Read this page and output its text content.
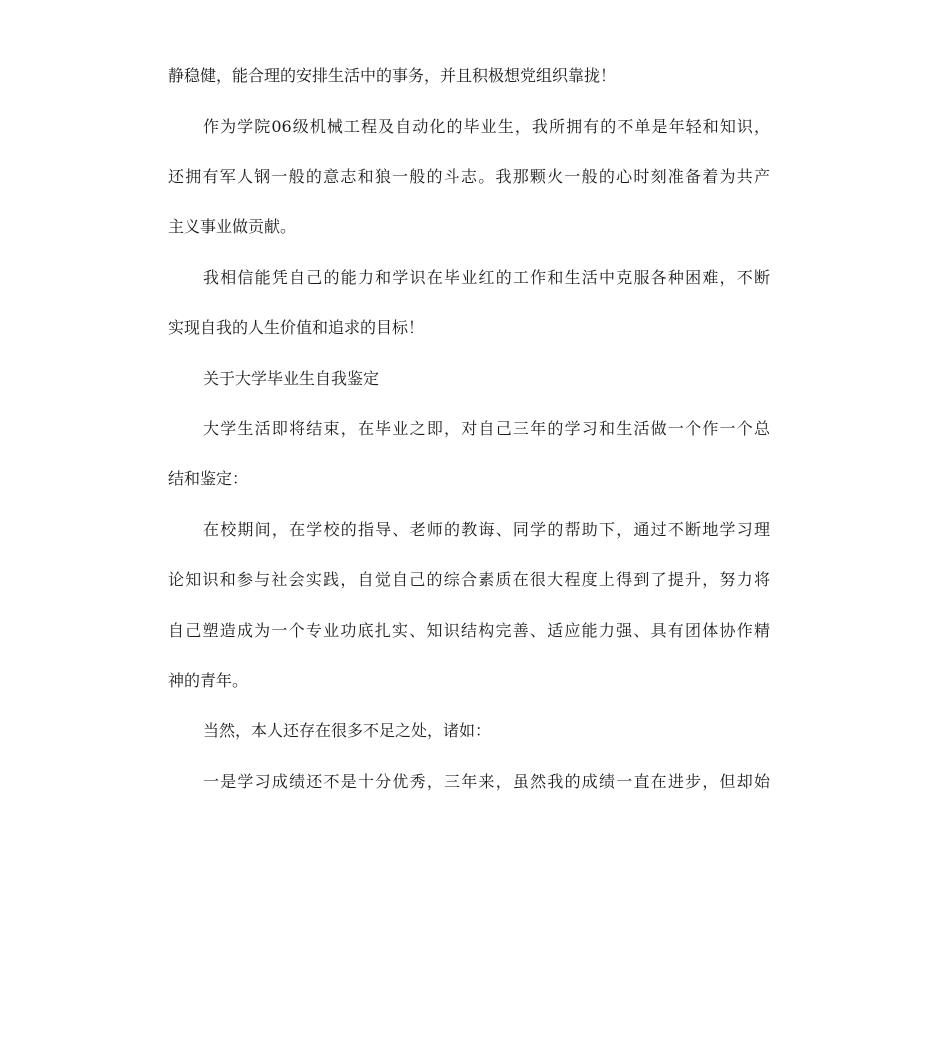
静稳健，能合理的安排生活中的事务，并且积极想党组织靠拢！
作为学院06级机械工程及自动化的毕业生，我所拥有的不单是年轻和知识，
还拥有军人钢一般的意志和狼一般的斗志。我那颗火一般的心时刻准备着为共产
主义事业做贡献。
我相信能凭自己的能力和学识在毕业红的工作和生活中克服各种困难，不断
实现自我的人生价值和追求的目标！
关于大学毕业生自我鉴定
大学生活即将结束，在毕业之即，对自己三年的学习和生活做一个作一个总
结和鉴定：
在校期间，在学校的指导、老师的教诲、同学的帮助下，通过不断地学习理
论知识和参与社会实践，自觉自己的综合素质在很大程度上得到了提升，努力将
自己塑造成为一个专业功底扎实、知识结构完善、适应能力强、具有团体协作精
神的青年。
当然，本人还存在很多不足之处，诸如：
一是学习成绩还不是十分优秀，三年来，虽然我的成绩一直在进步，但却始
